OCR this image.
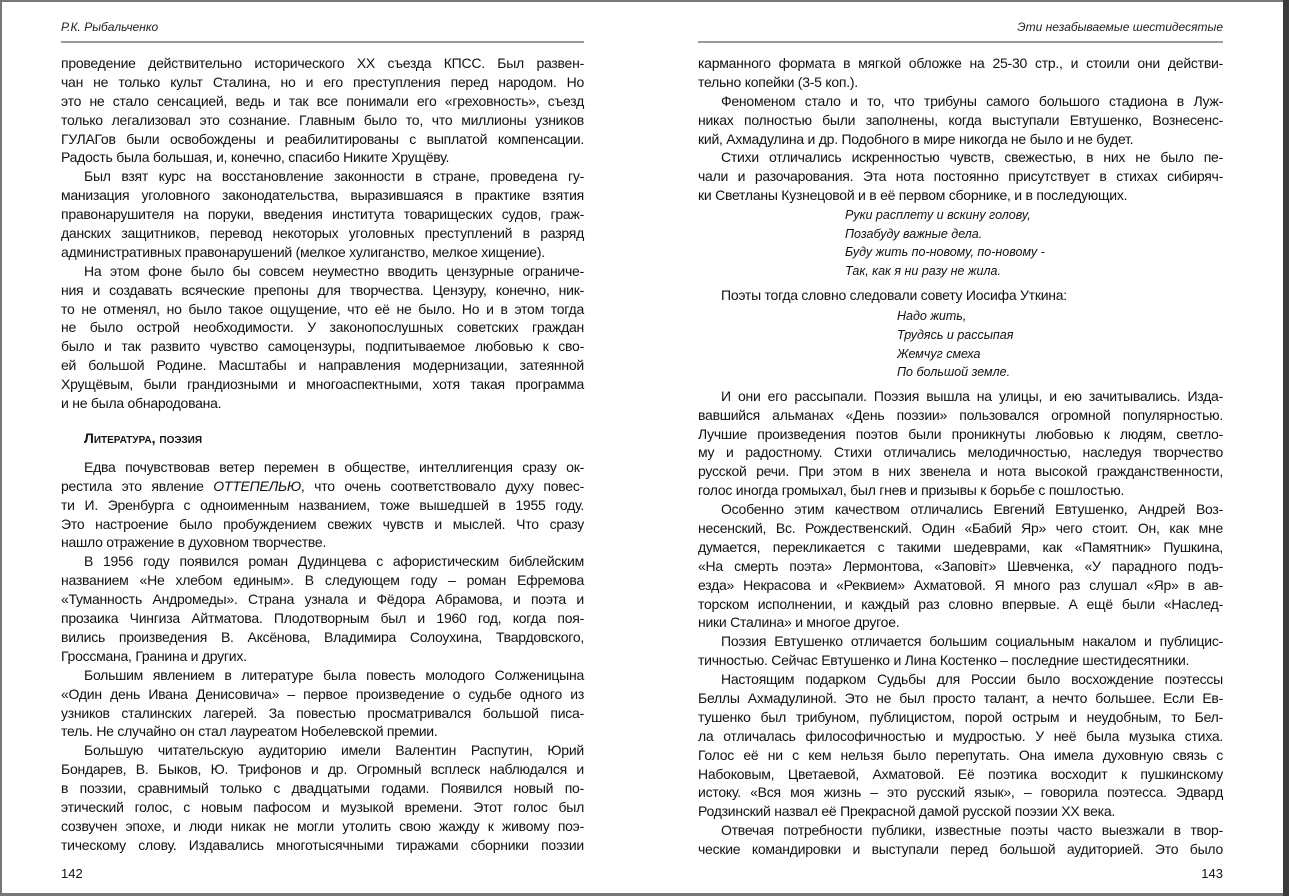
Р.К. Рыбальченко
проведение действительно исторического XX съезда КПСС. Был развен-
чан не только культ Сталина, но и его преступления перед народом. Но
это не стало сенсацией, ведь и так все понимали его «греховность», съезд
только легализовал это сознание. Главным было то, что миллионы узников
ГУЛАГов были освобождены и реабилитированы с выплатой компенсации.
Радость была большая, и, конечно, спасибо Никите Хрущёву.
Был взят курс на восстановление законности в стране, проведена гу-
манизация уголовного законодательства, выразившаяся в практике взятия
правонарушителя на поруки, введения института товарищеских судов, граж-
данских защитников, перевод некоторых уголовных преступлений в разряд
административных правонарушений (мелкое хулиганство, мелкое хищение).
На этом фоне было бы совсем неуместно вводить цензурные ограниче-
ния и создавать всяческие препоны для творчества. Цензуру, конечно, ник-
то не отменял, но было такое ощущение, что её не было. Но и в этом тогда
не было острой необходимости. У законопослушных советских граждан
было и так развито чувство самоцензуры, подпитываемое любовью к сво-
ей большой Родине. Масштабы и направления модернизации, затеянной
Хрущёвым, были грандиозными и многоаспектными, хотя такая программа
и не была обнародована.
Литература, поэзия
Едва почувствовав ветер перемен в обществе, интеллигенция сразу ок-
рестила это явление ОТТЕПЕЛЬЮ, что очень соответствовало духу повес-
ти И. Эренбурга с одноименным названием, тоже вышедшей в 1955 году.
Это настроение было пробуждением свежих чувств и мыслей. Что сразу
нашло отражение в духовном творчестве.
В 1956 году появился роман Дудинцева с афористическим библейским
названием «Не хлебом единым». В следующем году – роман Ефремова
«Туманность Андромеды». Страна узнала и Фёдора Абрамова, и поэта и
прозаика Чингиза Айтматова. Плодотворным был и 1960 год, когда поя-
вились произведения В. Аксёнова, Владимира Солоухина, Твардовского,
Гроссмана, Гранина и других.
Большим явлением в литературе была повесть молодого Солженицына
«Один день Ивана Денисовича» – первое произведение о судьбе одного из
узников сталинских лагерей. За повестью просматривался большой писа-
тель. Не случайно он стал лауреатом Нобелевской премии.
Большую читательскую аудиторию имели Валентин Распутин, Юрий
Бондарев, В. Быков, Ю. Трифонов и др. Огромный всплеск наблюдался и
в поэзии, сравнимый только с двадцатыми годами. Появился новый по-
этический голос, с новым пафосом и музыкой времени. Этот голос был
созвучен эпохе, и люди никак не могли утолить свою жажду к живому поэ-
тическому слову. Издавались многотысячными тиражами сборники поэзии
142
Эти незабываемые шестидесятые
карманного формата в мягкой обложке на 25-30 стр., и стоили они действи-
тельно копейки (3-5 коп.).
Феноменом стало и то, что трибуны самого большого стадиона в Луж-
никах полностью были заполнены, когда выступали Евтушенко, Вознесенс-
кий, Ахмадулина и др. Подобного в мире никогда не было и не будет.
Стихи отличались искренностью чувств, свежестью, в них не было пе-
чали и разочарования. Эта нота постоянно присутствует в стихах сибиряч-
ки Светланы Кузнецовой и в её первом сборнике, и в последующих.
Руки расплету и вскину голову,
Позабуду важные дела.
Буду жить по-новому, по-новому -
Так, как я ни разу не жила.
Поэты тогда словно следовали совету Иосифа Уткина:
Надо жить,
Трудясь и рассыпая
Жемчуг смеха
По большой земле.
И они его рассыпали. Поэзия вышла на улицы, и ею зачитывались. Изда-
вавшийся альманах «День поэзии» пользовался огромной популярностью.
Лучшие произведения поэтов были проникнуты любовью к людям, светло-
му и радостному. Стихи отличались мелодичностью, наследуя творчество
русской речи. При этом в них звенела и нота высокой гражданственности,
голос иногда громыхал, был гнев и призывы к борьбе с пошлостью.
Особенно этим качеством отличались Евгений Евтушенко, Андрей Воз-
несенский, Вс. Рождественский. Один «Бабий Яр» чего стоит. Он, как мне
думается, перекликается с такими шедеврами, как «Памятник» Пушкина,
«На смерть поэта» Лермонтова, «Заповіт» Шевченка, «У парадного подъ-
езда» Некрасова и «Реквием» Ахматовой. Я много раз слушал «Яр» в ав-
торском исполнении, и каждый раз словно впервые. А ещё были «Наслед-
ники Сталина» и многое другое.
Поэзия Евтушенко отличается большим социальным накалом и публицис-
тичностью. Сейчас Евтушенко и Лина Костенко – последние шестидесятники.
Настоящим подарком Судьбы для России было восхождение поэтессы
Беллы Ахмадулиной. Это не был просто талант, а нечто большее. Если Ев-
тушенко был трибуном, публицистом, порой острым и неудобным, то Бел-
ла отличалась философичностью и мудростью. У неё была музыка стиха.
Голос её ни с кем нельзя было перепутать. Она имела духовную связь с
Набоковым, Цветаевой, Ахматовой. Её поэтика восходит к пушкинскому
истоку. «Вся моя жизнь – это русский язык», – говорила поэтесса. Эдвард
Родзинский назвал её Прекрасной дамой русской поэзии XX века.
Отвечая потребности публики, известные поэты часто выезжали в твор-
ческие командировки и выступали перед большой аудиторией. Это было
143
